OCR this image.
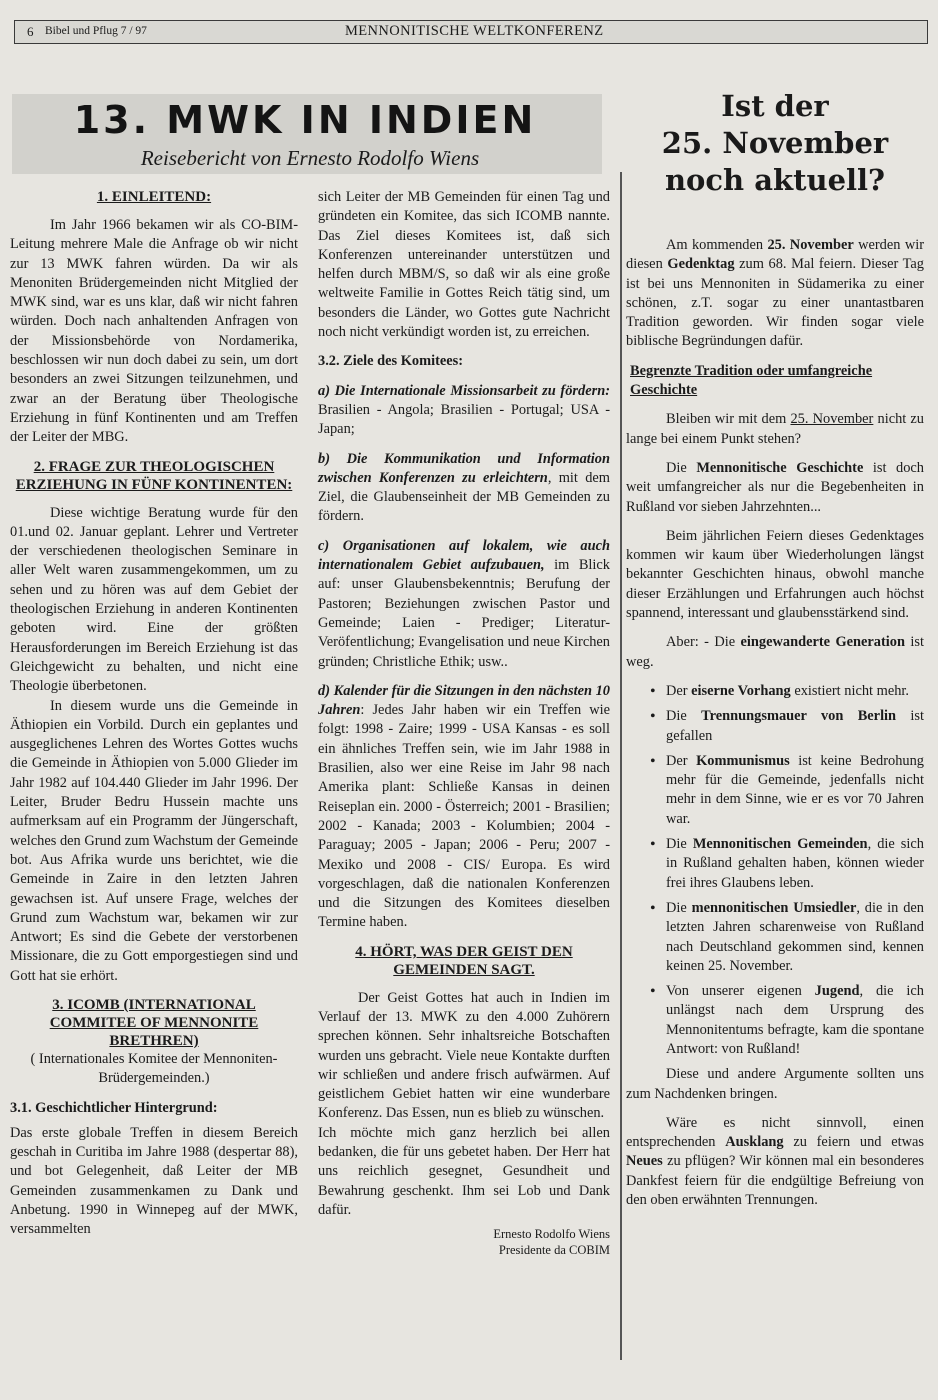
6 Bibel und Pflug 7 / 97	MENNONITISCHE WELTKONFERENZ
13. MWK IN INDIEN
Reisebericht von Ernesto Rodolfo Wiens

1. EINLEITEND:

Im Jahr 1966 bekamen wir als CO-BIM-Leitung mehrere Male die Anfrage ob wir nicht zur 13 MWK fahren würden. Da wir als Menoniten Brüdergemeinden nicht Mitglied der MWK sind, war es uns klar, daß wir nicht fahren würden. Doch nach anhaltenden Anfragen von der Missionsbehörde von Nordamerika, beschlossen wir nun doch dabei zu sein, um dort besonders an zwei Sitzungen teilzunehmen, und zwar an der Beratung über Theologische Erziehung in fünf Kontinenten und am Treffen der Leiter der MBG.

2. FRAGE ZUR THEOLOGISCHEN ERZIEHUNG IN FÜNF KONTINENTEN:

Diese wichtige Beratung wurde für den 01.und 02. Januar geplant. Lehrer und Vertreter der verschiedenen theologischen Seminare in aller Welt waren zusammengekommen, um zu sehen und zu hören was auf dem Gebiet der theologischen Erziehung in anderen Kontinenten geboten wird. Eine der größten Herausforderungen im Bereich Erziehung ist das Gleichgewicht zu behalten, und nicht eine Theologie überbetonen.

In diesem wurde uns die Gemeinde in Äthiopien ein Vorbild. Durch ein geplantes und ausgeglichenes Lehren des Wortes Gottes wuchs die Gemeinde in Äthiopien von 5.000 Glieder im Jahr 1982 auf 104.440 Glieder im Jahr 1996. Der Leiter, Bruder Bedru Hussein machte uns aufmerksam auf ein Programm der Jüngerschaft, welches den Grund zum Wachstum der Gemeinde bot. Aus Afrika wurde uns berichtet, wie die Gemeinde in Zaire in den letzten Jahren gewachsen ist. Auf unsere Frage, welches der Grund zum Wachstum war, bekamen wir zur Antwort; Es sind die Gebete der verstorbenen Missionare, die zu Gott emporgestiegen sind und Gott hat sie erhört.

3. ICOMB (INTERNATIONAL COMMITEE OF MENNONITE BRETHREN)

( Internationales Komitee der Mennoniten-Brüdergemeinden.)

3.1. Geschichtlicher Hintergrund:

Das erste globale Treffen in diesem Bereich geschah in Curitiba im Jahre 1988 (despertar 88), und bot Gelegenheit, daß Leiter der MB Gemeinden zusammenkamen zu Dank und Anbetung. 1990 in Winnepeg auf der MWK, versammelten

sich Leiter der MB Gemeinden für einen Tag und gründeten ein Komitee, das sich ICOMB nannte. Das Ziel dieses Komitees ist, daß sich Konferenzen untereinander unterstützen und helfen durch MBM/S, so daß wir als eine große weltweite Familie in Gottes Reich tätig sind, um besonders die Länder, wo Gottes gute Nachricht noch nicht verkündigt worden ist, zu erreichen.

3.2. Ziele des Komitees:

a) Die Internationale Missionsarbeit zu fördern: Brasilien - Angola; Brasilien - Portugal; USA - Japan;

b) Die Kommunikation und Information zwischen Konferenzen zu erleichtern, mit dem Ziel, die Glaubenseinheit der MB Gemeinden zu fördern.

c) Organisationen auf lokalem, wie auch internationalem Gebiet aufzubauen, im Blick auf: unser Glaubensbekenntnis; Berufung der Pastoren; Beziehungen zwischen Pastor und Gemeinde; Laien - Prediger; Literatur-Veröfentlichung; Evangelisation und neue Kirchen gründen; Christliche Ethik; usw..

d) Kalender für die Sitzungen in den nächsten 10 Jahren: Jedes Jahr haben wir ein Treffen wie folgt: 1998 - Zaire; 1999 - USA Kansas - es soll ein ähnliches Treffen sein, wie im Jahr 1988 in Brasilien, also wer eine Reise im Jahr 98 nach Amerika plant: Schließe Kansas in deinen Reiseplan ein. 2000 - Österreich; 2001 - Brasilien; 2002 - Kanada; 2003 - Kolumbien; 2004 - Paraguay; 2005 - Japan; 2006 - Peru; 2007 - Mexiko und 2008 - CIS/ Europa. Es wird vorgeschlagen, daß die nationalen Konferenzen und die Sitzungen des Komitees dieselben Termine haben.

4. HÖRT, WAS DER GEIST DEN GEMEINDEN SAGT.

Der Geist Gottes hat auch in Indien im Verlauf der 13. MWK zu den 4.000 Zuhörern sprechen können. Sehr inhaltsreiche Botschaften wurden uns gebracht. Viele neue Kontakte durften wir schließen und andere frisch aufwärmen. Auf geistlichem Gebiet hatten wir eine wunderbare Konferenz. Das Essen, nun es blieb zu wünschen.

Ich möchte mich ganz herzlich bei allen bedanken, die für uns gebetet haben. Der Herr hat uns reichlich gesegnet, Gesundheit und Bewahrung geschenkt. Ihm sei Lob und Dank dafür.

Ernesto Rodolfo Wiens

Presidente da COBIM

Ist der
25. November
noch aktuell?

Am kommenden 25. November werden wir diesen Gedenktag zum 68. Mal feiern. Dieser Tag ist bei uns Mennoniten in Südamerika zu einer schönen, z.T. sogar zu einer unantastbaren Tradition geworden. Wir finden sogar viele biblische Begründungen dafür.

Begrenzte Tradition oder umfangreiche Geschichte

Bleiben wir mit dem 25. November nicht zu lange bei einem Punkt stehen?

Die Mennonitische Geschichte ist doch weit umfangreicher als nur die Begebenheiten in Rußland vor sieben Jahrzehnten...

Beim jährlichen Feiern dieses Gedenktages kommen wir kaum über Wiederholungen längst bekannter Geschichten hinaus, obwohl manche dieser Erzählungen und Erfahrungen auch höchst spannend, interessant und glaubensstärkend sind.

Aber: - Die eingewanderte Generation ist weg.

• Der eiserne Vorhang existiert nicht mehr.
• Die Trennungsmauer von Berlin ist gefallen
• Der Kommunismus ist keine Bedrohung mehr für die Gemeinde, jedenfalls nicht mehr in dem Sinne, wie er es vor 70 Jahren war.
• Die Mennonitischen Gemeinden, die sich in Rußland gehalten haben, können wieder frei ihres Glaubens leben.
• Die mennonitischen Umsiedler, die in den letzten Jahren scharenweise von Rußland nach Deutschland gekommen sind, kennen keinen 25. November.
• Von unserer eigenen Jugend, die ich unlängst nach dem Ursprung des Mennonitentums befragte, kam die spontane Antwort: von Rußland!

Diese und andere Argumente sollten uns zum Nachdenken bringen.

Wäre es nicht sinnvoll, einen entsprechenden Ausklang zu feiern und etwas Neues zu pflügen? Wir können mal ein besonderes Dankfest feiern für die endgültige Befreiung von den oben erwähnten Trennungen.
